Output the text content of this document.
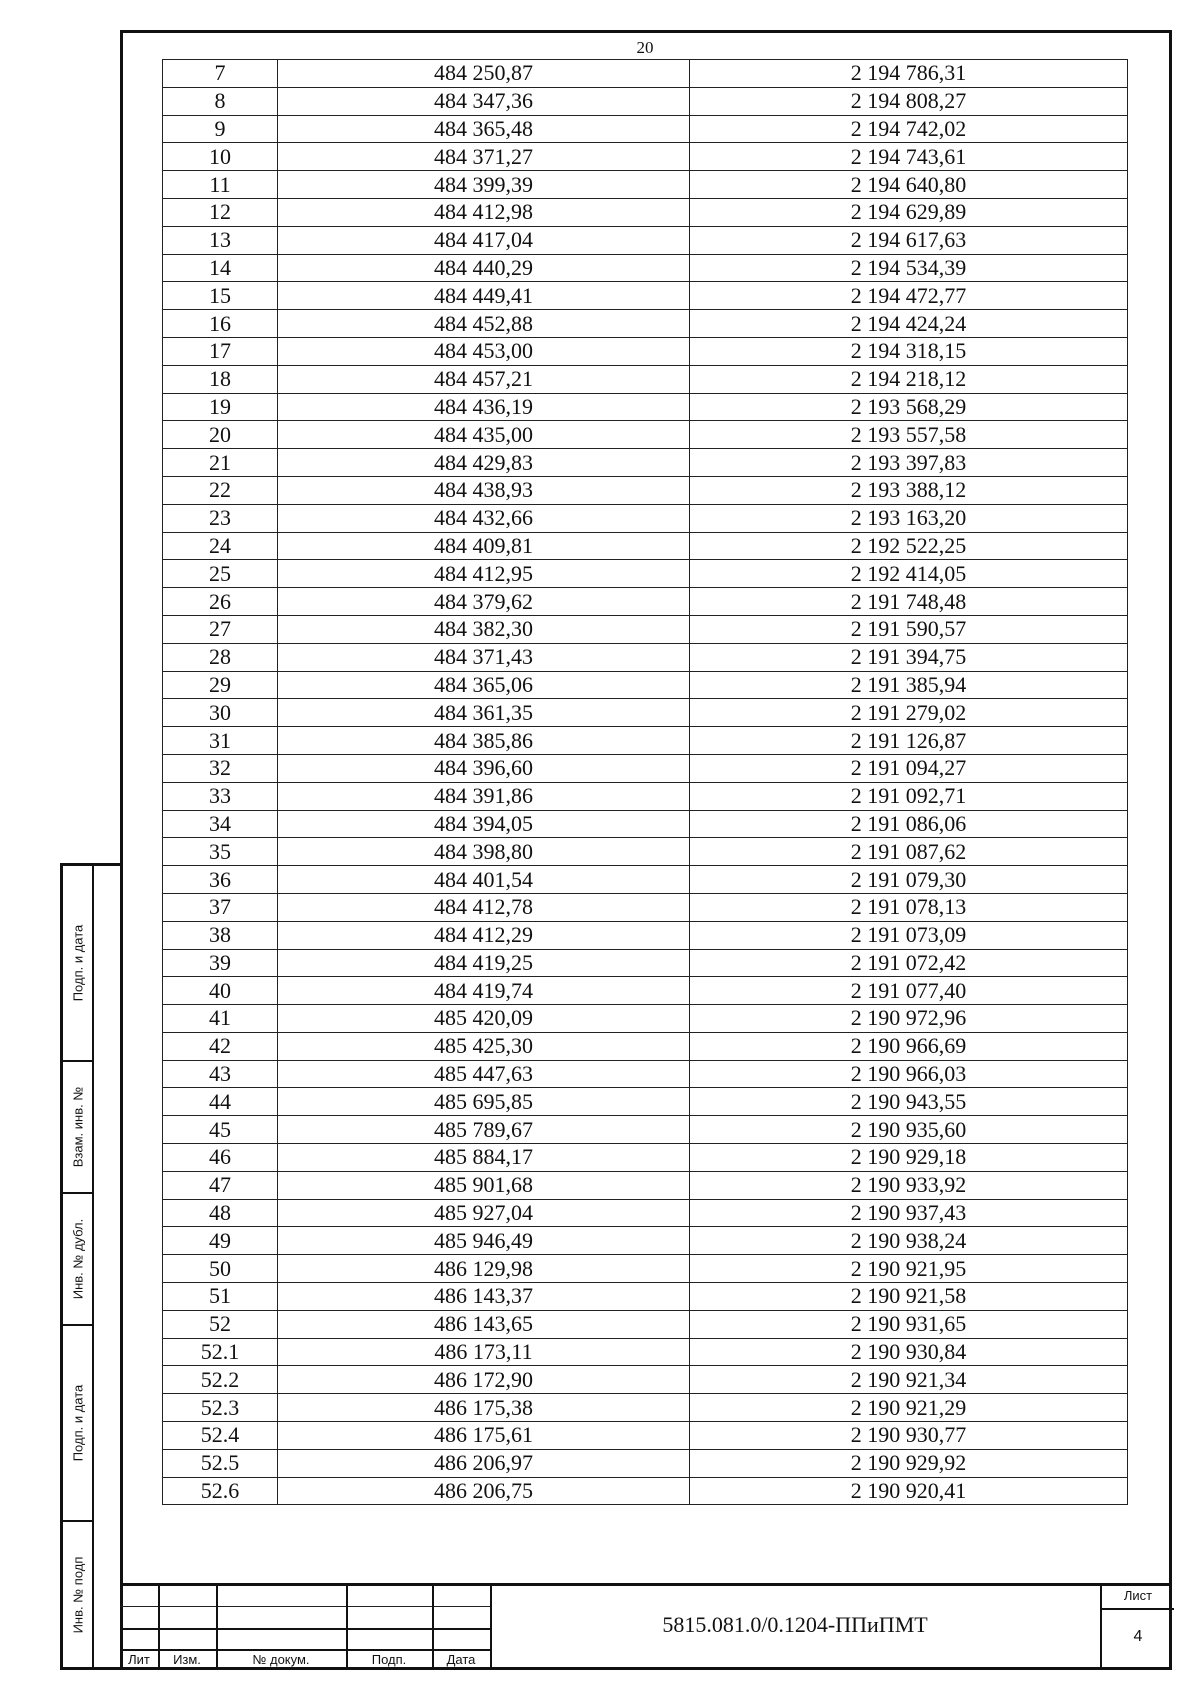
20
7	484 250,87	2 194 786,31
8	484 347,36	2 194 808,27
9	484 365,48	2 194 742,02
10	484 371,27	2 194 743,61
11	484 399,39	2 194 640,80
12	484 412,98	2 194 629,89
13	484 417,04	2 194 617,63
14	484 440,29	2 194 534,39
15	484 449,41	2 194 472,77
16	484 452,88	2 194 424,24
17	484 453,00	2 194 318,15
18	484 457,21	2 194 218,12
19	484 436,19	2 193 568,29
20	484 435,00	2 193 557,58
21	484 429,83	2 193 397,83
22	484 438,93	2 193 388,12
23	484 432,66	2 193 163,20
24	484 409,81	2 192 522,25
25	484 412,95	2 192 414,05
26	484 379,62	2 191 748,48
27	484 382,30	2 191 590,57
28	484 371,43	2 191 394,75
29	484 365,06	2 191 385,94
30	484 361,35	2 191 279,02
31	484 385,86	2 191 126,87
32	484 396,60	2 191 094,27
33	484 391,86	2 191 092,71
34	484 394,05	2 191 086,06
35	484 398,80	2 191 087,62
36	484 401,54	2 191 079,30
37	484 412,78	2 191 078,13
38	484 412,29	2 191 073,09
39	484 419,25	2 191 072,42
40	484 419,74	2 191 077,40
41	485 420,09	2 190 972,96
42	485 425,30	2 190 966,69
43	485 447,63	2 190 966,03
44	485 695,85	2 190 943,55
45	485 789,67	2 190 935,60
46	485 884,17	2 190 929,18
47	485 901,68	2 190 933,92
48	485 927,04	2 190 937,43
49	485 946,49	2 190 938,24
50	486 129,98	2 190 921,95
51	486 143,37	2 190 921,58
52	486 143,65	2 190 931,65
52.1	486 173,11	2 190 930,84
52.2	486 172,90	2 190 921,34
52.3	486 175,38	2 190 921,29
52.4	486 175,61	2 190 930,77
52.5	486 206,97	2 190 929,92
52.6	486 206,75	2 190 920,41
Подп. и дата
Взам. инв. №
Инв. № дубл.
Подп. и дата
Инв. № подп
Лит	Изм.	№ докум.	Подп.	Дата
5815.081.0/0.1204-ППиПМТ
Лист
4
